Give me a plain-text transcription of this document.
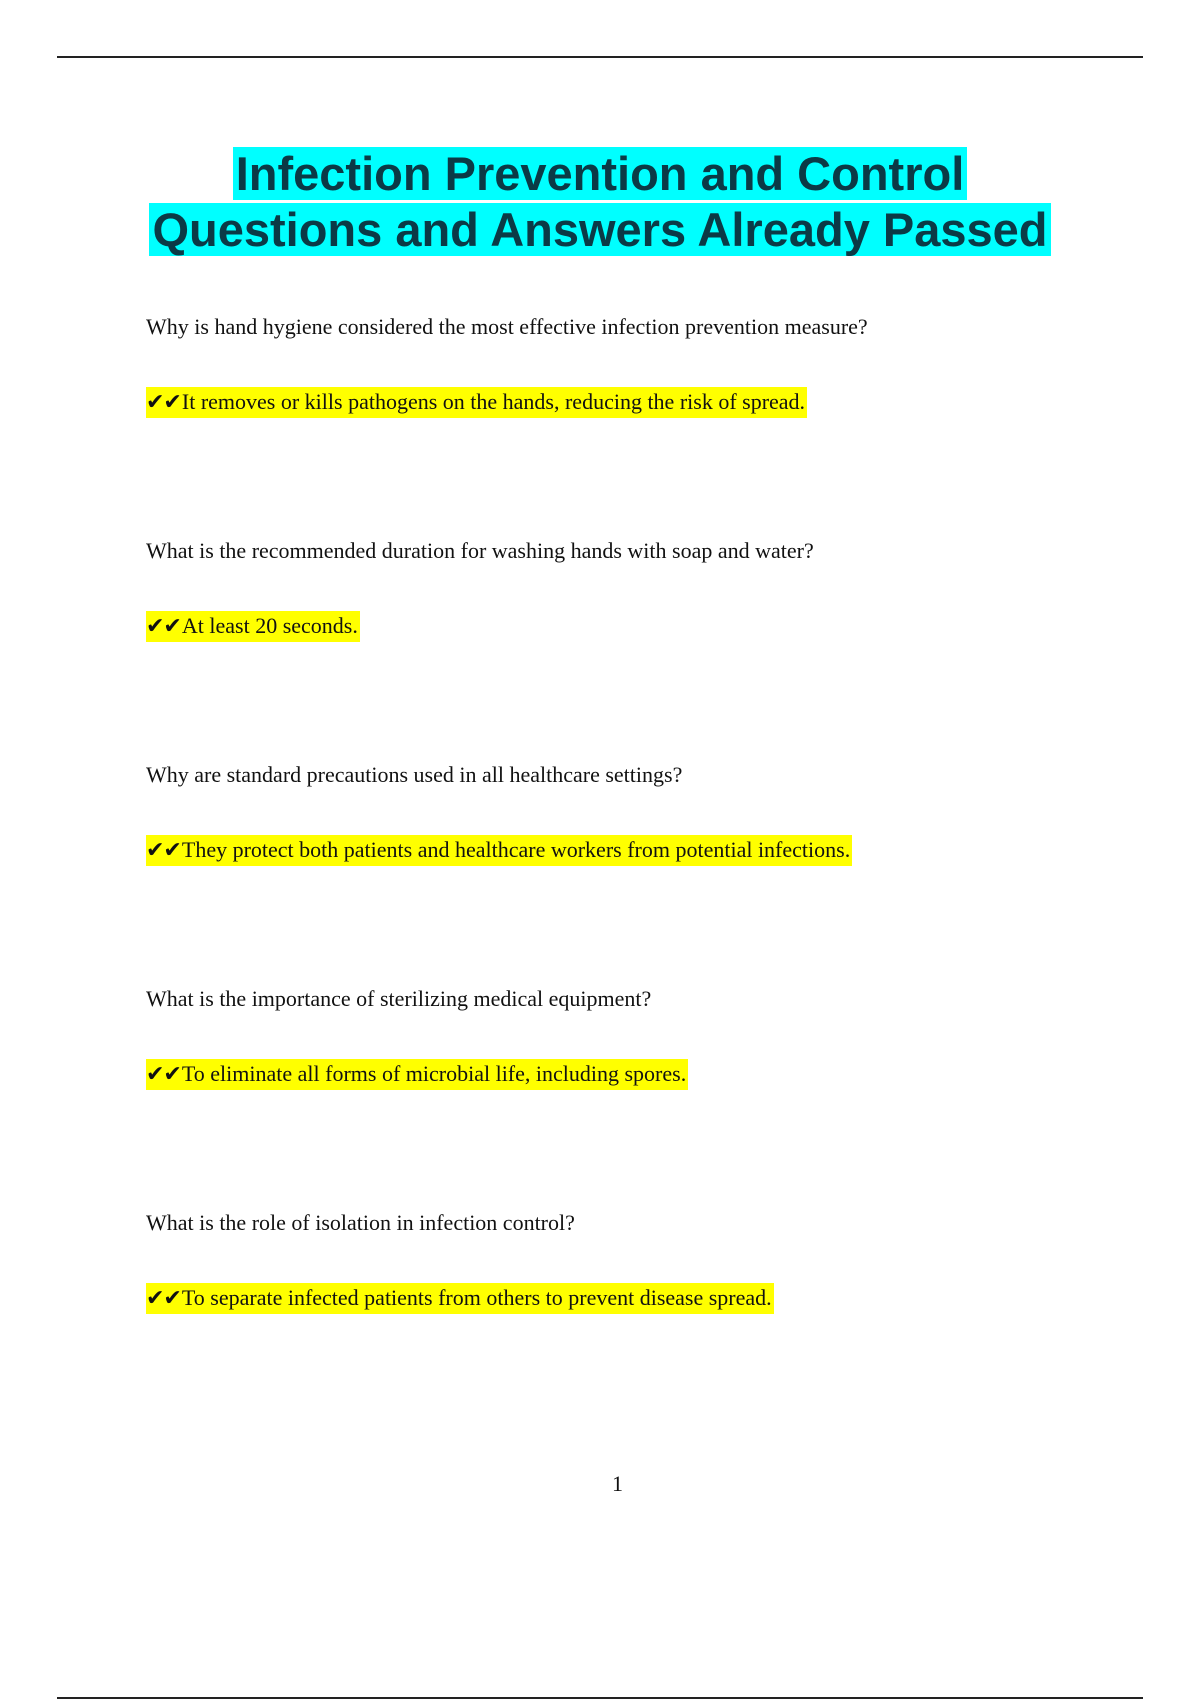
Infection Prevention and Control
Questions and Answers Already Passed
Why is hand hygiene considered the most effective infection prevention measure?
✔✔It removes or kills pathogens on the hands, reducing the risk of spread.
What is the recommended duration for washing hands with soap and water?
✔✔At least 20 seconds.
Why are standard precautions used in all healthcare settings?
✔✔They protect both patients and healthcare workers from potential infections.
What is the importance of sterilizing medical equipment?
✔✔To eliminate all forms of microbial life, including spores.
What is the role of isolation in infection control?
✔✔To separate infected patients from others to prevent disease spread.
1
